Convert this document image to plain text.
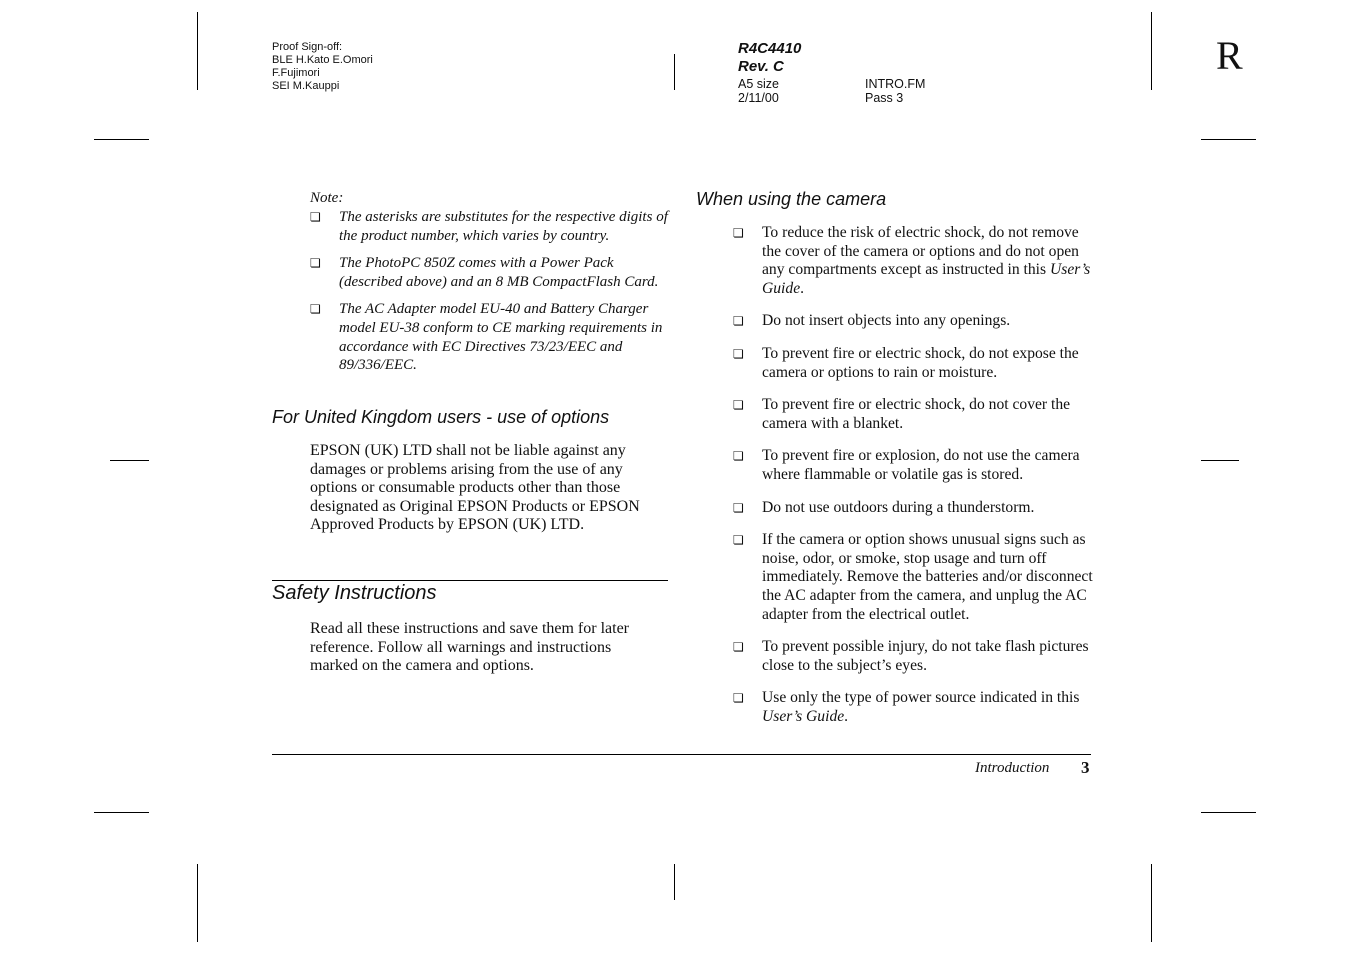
Proof Sign-off:
BLE H.Kato E.Omori
F.Fujimori
SEI M.Kauppi
R4C4410
Rev. C
A5 size
2/11/00
INTRO.FM
Pass 3
R
Note:
❏	The asterisks are substitutes for the respective digits of the product number, which varies by country.
❏	The PhotoPC 850Z comes with a Power Pack (described above) and an 8 MB CompactFlash Card.
❏	The AC Adapter model EU-40 and Battery Charger model EU-38 conform to CE marking requirements in accordance with EC Directives 73/23/EEC and 89/336/EEC.
For United Kingdom users - use of options
EPSON (UK) LTD shall not be liable against any damages or problems arising from the use of any options or consumable products other than those designated as Original EPSON Products or EPSON Approved Products by EPSON (UK) LTD.
Safety Instructions
Read all these instructions and save them for later reference. Follow all warnings and instructions marked on the camera and options.
When using the camera
❏	To reduce the risk of electric shock, do not remove the cover of the camera or options and do not open any compartments except as instructed in this User’s Guide.
❏	Do not insert objects into any openings.
❏	To prevent fire or electric shock, do not expose the camera or options to rain or moisture.
❏	To prevent fire or electric shock, do not cover the camera with a blanket.
❏	To prevent fire or explosion, do not use the camera where flammable or volatile gas is stored.
❏	Do not use outdoors during a thunderstorm.
❏	If the camera or option shows unusual signs such as noise, odor, or smoke, stop usage and turn off immediately. Remove the batteries and/or disconnect the AC adapter from the camera, and unplug the AC adapter from the electrical outlet.
❏	To prevent possible injury, do not take flash pictures close to the subject’s eyes.
❏	Use only the type of power source indicated in this User’s Guide.
Introduction 3
